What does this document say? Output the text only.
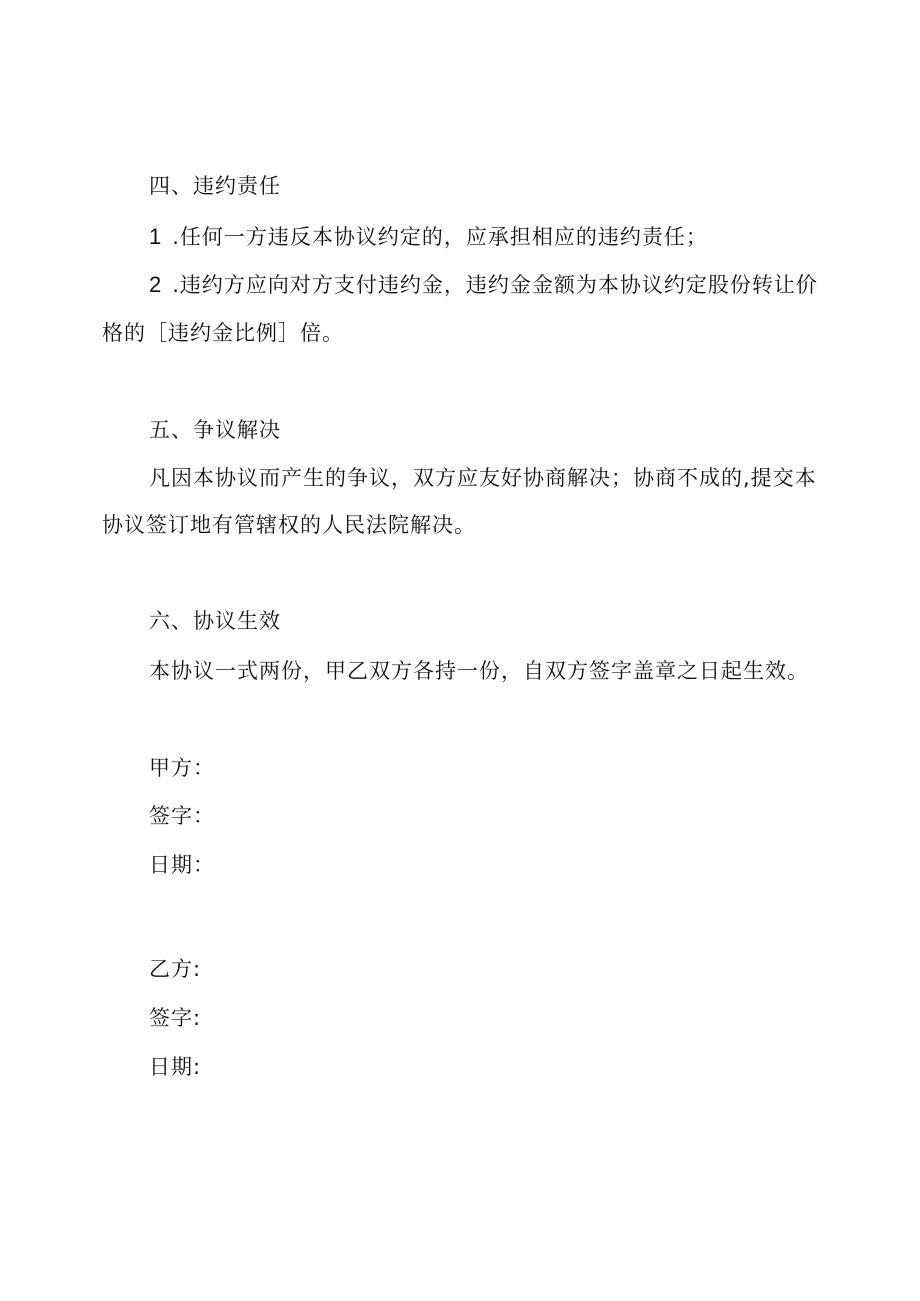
四、违约责任
1 .任何一方违反本协议约定的，应承担相应的违约责任；
2 .违约方应向对方支付违约金，违约金金额为本协议约定股份转让价
格的［违约金比例］倍。
五、争议解决
凡因本协议而产生的争议，双方应友好协商解决；协商不成的,提交本
协议签订地有管辖权的人民法院解决。
六、协议生效
本协议一式两份，甲乙双方各持一份，自双方签字盖章之日起生效。
甲方：
签字：
日期：
乙方:
签字:
日期:
